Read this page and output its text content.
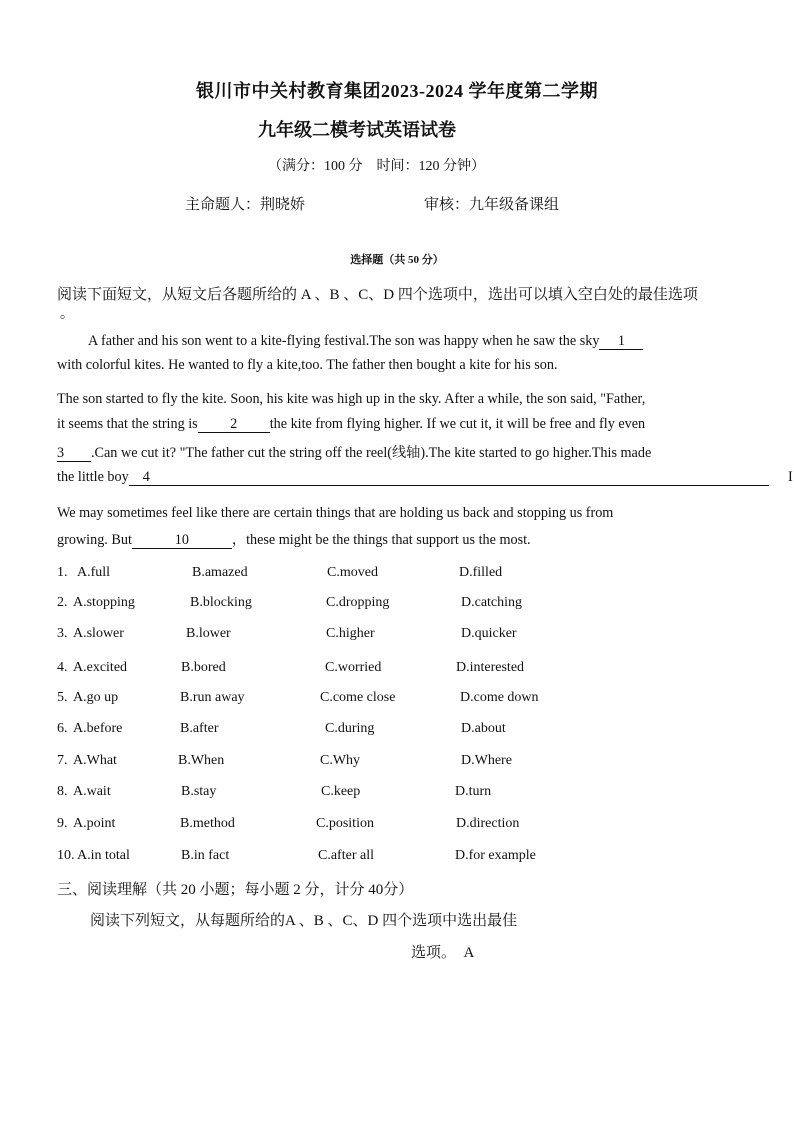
银川市中关村教育集团2023-2024 学年度第二学期
九年级二模考试英语试卷
（满分：100 分　时间：120 分钟）
主命题人：荆晓娇	审核：九年级备课组
选择题（共 50 分）
阅读下面短文，从短文后各题所给的 A 、B 、C、D 四个选项中，选出可以填入空白处的最佳选项
。
A father and his son went to a kite-flying festival.The son was happy when he saw the sky 1
with colorful kites. He wanted to fly a kite,too. The father then bought a kite for his son.
The son started to fly the kite. Soon, his kite was high up in the sky. After a while, the son said, "Father,
it seems that the string is 2 the kite from flying higher. If we cut it, it will be free and fly even
3 .Can we cut it? "The father cut the string off the reel(线轴).The kite started to go higher.This made
the little boy 4	I
We may sometimes feel like there are certain things that are holding us back and stopping us from
growing. But	10	，these might be the things that support us the most.
1. A.full	B.amazed	C.moved	D.filled
2. A.stopping	B.blocking	C.dropping	D.catching
3. A.slower	B.lower	C.higher	D.quicker
4. A.excited	B.bored	C.worried	D.interested
5. A.go up	B.run away	C.come close	D.come down
6. A.before	B.after	C.during	D.about
7. A.What	B.When	C.Why	D.Where
8. A.wait	B.stay	C.keep	D.turn
9. A.point	B.method	C.position	D.direction
10. A.in total	B.in fact	C.after all	D.for example
三、阅读理解（共 20 小题；每小题 2 分，计分 40分）
阅读下列短文，从每题所给的A 、B 、C、D 四个选项中选出最佳
选项。　A
